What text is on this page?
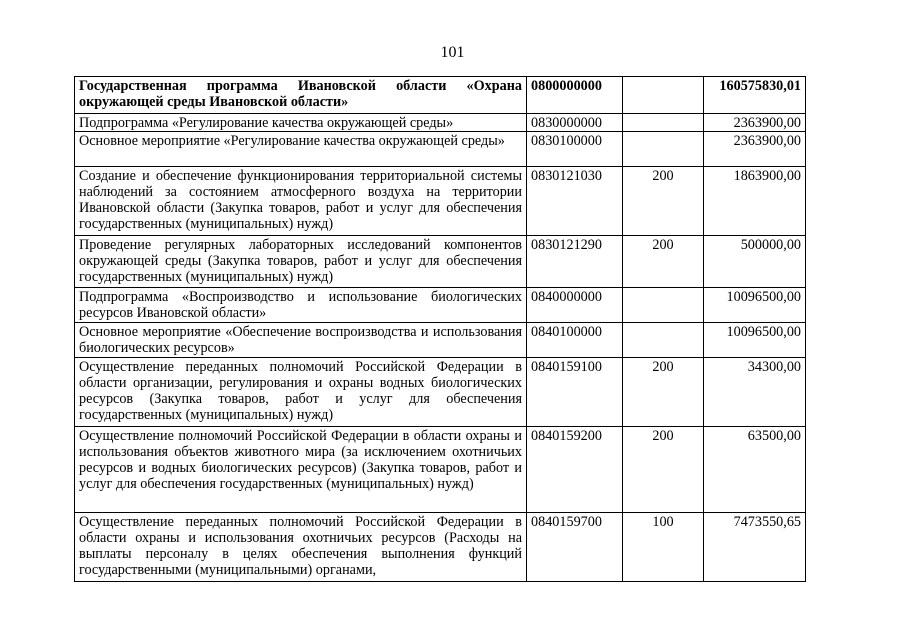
101
Государственная программа Ивановской области «Охрана окружающей среды Ивановской области»	0800000000		160575830,01
Подпрограмма «Регулирование качества окружающей среды»	0830000000		2363900,00
Основное мероприятие «Регулирование качества окружающей среды»	0830100000		2363900,00
Создание и обеспечение функционирования территориальной системы наблюдений за состоянием атмосферного воздуха на территории Ивановской области (Закупка товаров, работ и услуг для обеспечения государственных (муниципальных) нужд)	0830121030	200	1863900,00
Проведение регулярных лабораторных исследований компонентов окружающей среды (Закупка товаров, работ и услуг для обеспечения государственных (муниципальных) нужд)	0830121290	200	500000,00
Подпрограмма «Воспроизводство и использование биологических ресурсов Ивановской области»	0840000000		10096500,00
Основное мероприятие «Обеспечение воспроизводства и использования биологических ресурсов»	0840100000		10096500,00
Осуществление переданных полномочий Российской Федерации в области организации, регулирования и охраны водных биологических ресурсов (Закупка товаров, работ и услуг для обеспечения государственных (муниципальных) нужд)	0840159100	200	34300,00
Осуществление полномочий Российской Федерации в области охраны и использования объектов животного мира (за исключением охотничьих ресурсов и водных биологических ресурсов) (Закупка товаров, работ и услуг для обеспечения государственных (муниципальных) нужд)	0840159200	200	63500,00
Осуществление переданных полномочий Российской Федерации в области охраны и использования охотничьих ресурсов (Расходы на выплаты персоналу в целях обеспечения выполнения функций государственными (муниципальными) органами,	0840159700	100	7473550,65
